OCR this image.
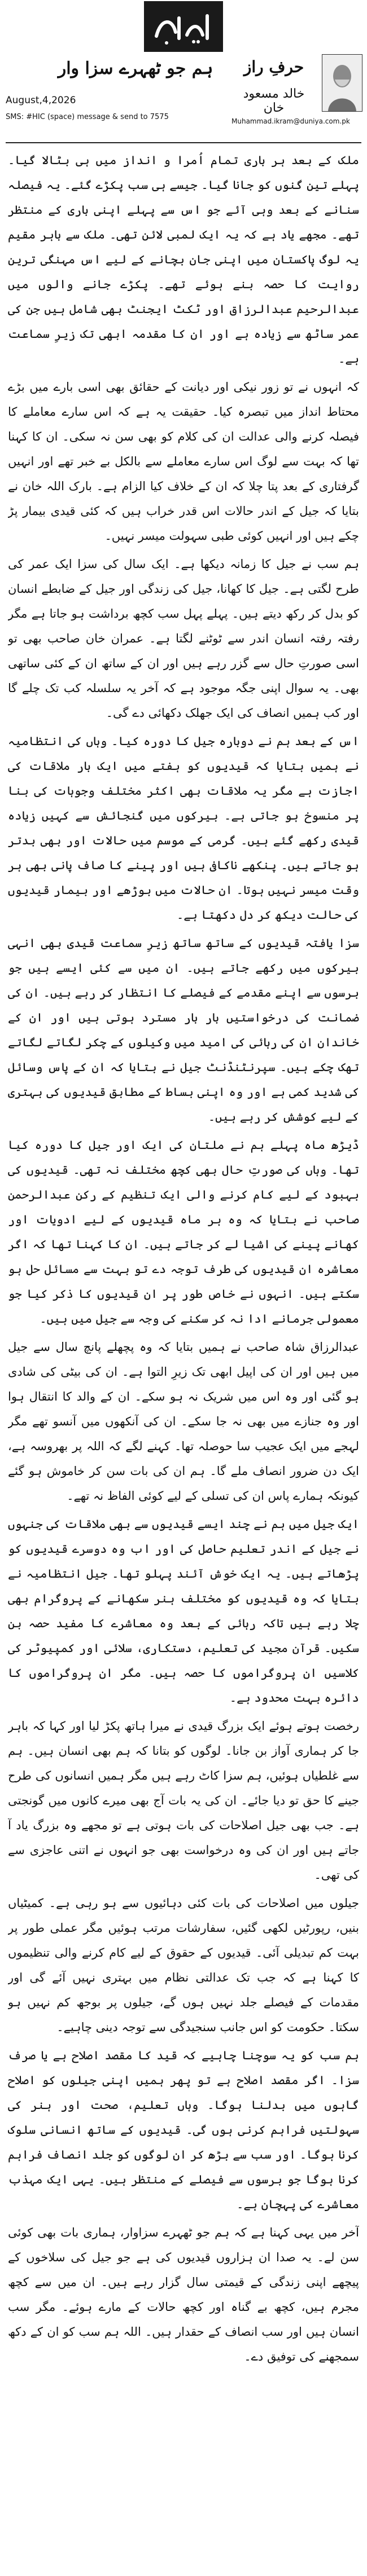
ہم جو ٹھہرے سزا وار
August,4,2026
SMS: #HIC (space) message & send to 7575
حرفِ راز
خالد مسعود خان
Muhammad.ikram@duniya.com.pk

ملک کے بعد ہر باری تمام اُمرا و انداز میں ہی بٹالا گیا۔ پہلے تین گنوں کو جانا گیا۔ جیسے ہی سب پکڑے گئے۔ یہ فیصلہ سنانے کے بعد وہی آئے جو اس سے پہلے اپنی باری کے منتظر تھے۔ مجھے یاد ہے کہ یہ ایک لمبی لائن تھی۔ ملک سے باہر مقیم یہ لوگ پاکستان میں اپنی جان بچانے کے لیے اس مہنگی ترین روایت کا حصہ بنے ہوئے تھے۔ پکڑے جانے والوں میں عبدالرحیم عبدالرزاق اور ٹکٹ ایجنٹ بھی شامل ہیں جن کی عمر ساٹھ سے زیادہ ہے اور ان کا مقدمہ ابھی تک زیرِ سماعت ہے۔

کہ انہوں نے تو زور نیکی اور دیانت کے حقائق بھی اسی بارے میں بڑے محتاط انداز میں تبصرہ کیا۔ حقیقت یہ ہے کہ اس سارے معاملے کا فیصلہ کرنے والی عدالت ان کی کلام کو بھی سن نہ سکی۔ ان کا کہنا تھا کہ بہت سے لوگ اس سارے معاملے سے بالکل بے خبر تھے اور انہیں گرفتاری کے بعد پتا چلا کہ ان کے خلاف کیا الزام ہے۔ بارک اللہ خان نے بتایا کہ جیل کے اندر حالات اس قدر خراب ہیں کہ کئی قیدی بیمار پڑ چکے ہیں اور انہیں کوئی طبی سہولت میسر نہیں۔

ہم سب نے جیل کا زمانہ دیکھا ہے۔ ایک سال کی سزا ایک عمر کی طرح لگتی ہے۔ جیل کا کھانا، جیل کی زندگی اور جیل کے ضابطے انسان کو بدل کر رکھ دیتے ہیں۔ پہلے پہل سب کچھ برداشت ہو جاتا ہے مگر رفتہ رفتہ انسان اندر سے ٹوٹنے لگتا ہے۔ عمران خان صاحب بھی تو اسی صورتِ حال سے گزر رہے ہیں اور ان کے ساتھ ان کے کئی ساتھی بھی۔ یہ سوال اپنی جگہ موجود ہے کہ آخر یہ سلسلہ کب تک چلے گا اور کب ہمیں انصاف کی ایک جھلک دکھائی دے گی۔

اس کے بعد ہم نے دوبارہ جیل کا دورہ کیا۔ وہاں کی انتظامیہ نے ہمیں بتایا کہ قیدیوں کو ہفتے میں ایک بار ملاقات کی اجازت ہے مگر یہ ملاقات بھی اکثر مختلف وجوہات کی بنا پر منسوخ ہو جاتی ہے۔ بیرکوں میں گنجائش سے کہیں زیادہ قیدی رکھے گئے ہیں۔ گرمی کے موسم میں حالات اور بھی بدتر ہو جاتے ہیں۔ پنکھے ناکافی ہیں اور پینے کا صاف پانی بھی ہر وقت میسر نہیں ہوتا۔ ان حالات میں بوڑھے اور بیمار قیدیوں کی حالت دیکھ کر دل دکھتا ہے۔

سزا یافتہ قیدیوں کے ساتھ ساتھ زیرِ سماعت قیدی بھی انہی بیرکوں میں رکھے جاتے ہیں۔ ان میں سے کئی ایسے ہیں جو برسوں سے اپنے مقدمے کے فیصلے کا انتظار کر رہے ہیں۔ ان کی ضمانت کی درخواستیں بار بار مسترد ہوتی ہیں اور ان کے خاندان ان کی رہائی کی امید میں وکیلوں کے چکر لگاتے لگاتے تھک چکے ہیں۔ سپرنٹنڈنٹ جیل نے بتایا کہ ان کے پاس وسائل کی شدید کمی ہے اور وہ اپنی بساط کے مطابق قیدیوں کی بہتری کے لیے کوشش کر رہے ہیں۔

ڈیڑھ ماہ پہلے ہم نے ملتان کی ایک اور جیل کا دورہ کیا تھا۔ وہاں کی صورتِ حال بھی کچھ مختلف نہ تھی۔ قیدیوں کی بہبود کے لیے کام کرنے والی ایک تنظیم کے رکن عبدالرحمن صاحب نے بتایا کہ وہ ہر ماہ قیدیوں کے لیے ادویات اور کھانے پینے کی اشیا لے کر جاتے ہیں۔ ان کا کہنا تھا کہ اگر معاشرہ ان قیدیوں کی طرف توجہ دے تو بہت سے مسائل حل ہو سکتے ہیں۔ انہوں نے خاص طور پر ان قیدیوں کا ذکر کیا جو معمولی جرمانے ادا نہ کر سکنے کی وجہ سے جیل میں ہیں۔

عبدالرزاق شاہ صاحب نے ہمیں بتایا کہ وہ پچھلے پانچ سال سے جیل میں ہیں اور ان کی اپیل ابھی تک زیرِ التوا ہے۔ ان کی بیٹی کی شادی ہو گئی اور وہ اس میں شریک نہ ہو سکے۔ ان کے والد کا انتقال ہوا اور وہ جنازے میں بھی نہ جا سکے۔ ان کی آنکھوں میں آنسو تھے مگر لہجے میں ایک عجیب سا حوصلہ تھا۔ کہنے لگے کہ اللہ پر بھروسہ ہے، ایک دن ضرور انصاف ملے گا۔ ہم ان کی بات سن کر خاموش ہو گئے کیونکہ ہمارے پاس ان کی تسلی کے لیے کوئی الفاظ نہ تھے۔

ایک جیل میں ہم نے چند ایسے قیدیوں سے بھی ملاقات کی جنہوں نے جیل کے اندر تعلیم حاصل کی اور اب وہ دوسرے قیدیوں کو پڑھاتے ہیں۔ یہ ایک خوش آئند پہلو تھا۔ جیل انتظامیہ نے بتایا کہ وہ قیدیوں کو مختلف ہنر سکھانے کے پروگرام بھی چلا رہے ہیں تاکہ رہائی کے بعد وہ معاشرے کا مفید حصہ بن سکیں۔ قرآن مجید کی تعلیم، دستکاری، سلائی اور کمپیوٹر کی کلاسیں ان پروگراموں کا حصہ ہیں۔ مگر ان پروگراموں کا دائرہ بہت محدود ہے۔

رخصت ہوتے ہوئے ایک بزرگ قیدی نے میرا ہاتھ پکڑ لیا اور کہا کہ باہر جا کر ہماری آواز بن جانا۔ لوگوں کو بتانا کہ ہم بھی انسان ہیں۔ ہم سے غلطیاں ہوئیں، ہم سزا کاٹ رہے ہیں مگر ہمیں انسانوں کی طرح جینے کا حق تو دیا جائے۔ ان کی یہ بات آج بھی میرے کانوں میں گونجتی ہے۔ جب بھی جیل اصلاحات کی بات ہوتی ہے تو مجھے وہ بزرگ یاد آ جاتے ہیں اور ان کی وہ درخواست بھی جو انہوں نے اتنی عاجزی سے کی تھی۔

جیلوں میں اصلاحات کی بات کئی دہائیوں سے ہو رہی ہے۔ کمیٹیاں بنیں، رپورٹیں لکھی گئیں، سفارشات مرتب ہوئیں مگر عملی طور پر بہت کم تبدیلی آئی۔ قیدیوں کے حقوق کے لیے کام کرنے والی تنظیموں کا کہنا ہے کہ جب تک عدالتی نظام میں بہتری نہیں آئے گی اور مقدمات کے فیصلے جلد نہیں ہوں گے، جیلوں پر بوجھ کم نہیں ہو سکتا۔ حکومت کو اس جانب سنجیدگی سے توجہ دینی چاہیے۔

ہم سب کو یہ سوچنا چاہیے کہ قید کا مقصد اصلاح ہے یا صرف سزا۔ اگر مقصد اصلاح ہے تو پھر ہمیں اپنی جیلوں کو اصلاح گاہوں میں بدلنا ہوگا۔ وہاں تعلیم، صحت اور ہنر کی سہولتیں فراہم کرنی ہوں گی۔ قیدیوں کے ساتھ انسانی سلوک کرنا ہوگا۔ اور سب سے بڑھ کر ان لوگوں کو جلد انصاف فراہم کرنا ہوگا جو برسوں سے فیصلے کے منتظر ہیں۔ یہی ایک مہذب معاشرے کی پہچان ہے۔

آخر میں یہی کہنا ہے کہ ہم جو ٹھہرے سزاوار، ہماری بات بھی کوئی سن لے۔ یہ صدا ان ہزاروں قیدیوں کی ہے جو جیل کی سلاخوں کے پیچھے اپنی زندگی کے قیمتی سال گزار رہے ہیں۔ ان میں سے کچھ مجرم ہیں، کچھ بے گناہ اور کچھ حالات کے مارے ہوئے۔ مگر سب انسان ہیں اور سب انصاف کے حقدار ہیں۔ اللہ ہم سب کو ان کے دکھ سمجھنے کی توفیق دے۔
